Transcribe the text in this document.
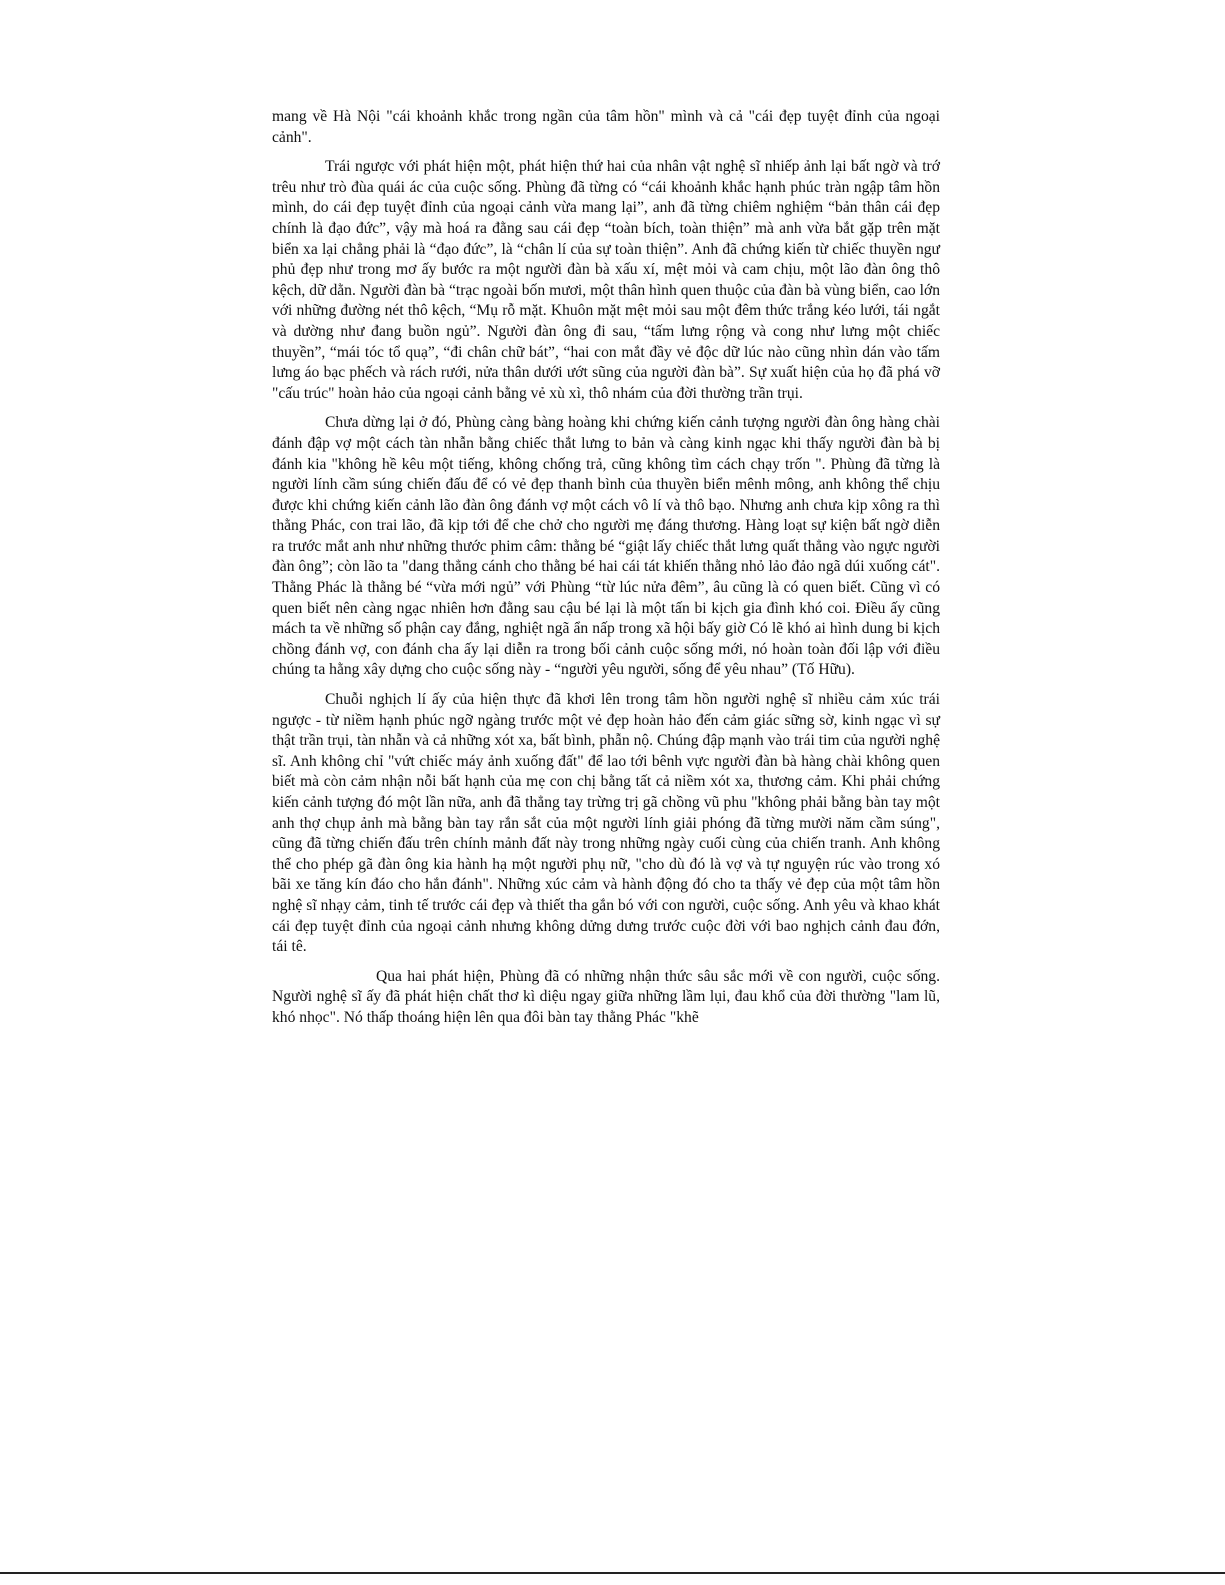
mang về Hà Nội "cái khoảnh khắc trong ngần của tâm hồn" mình và cả "cái đẹp tuyệt đỉnh của ngoại cảnh".

Trái ngược với phát hiện một, phát hiện thứ hai của nhân vật nghệ sĩ nhiếp ảnh lại bất ngờ và trớ trêu như trò đùa quái ác của cuộc sống. Phùng đã từng có “cái khoảnh khắc hạnh phúc tràn ngập tâm hồn mình, do cái đẹp tuyệt đỉnh của ngoại cảnh vừa mang lại”, anh đã từng chiêm nghiệm “bản thân cái đẹp chính là đạo đức”, vậy mà hoá ra đằng sau cái đẹp “toàn bích, toàn thiện” mà anh vừa bắt gặp trên mặt biển xa lại chẳng phải là “đạo đức”, là “chân lí của sự toàn thiện”. Anh đã chứng kiến từ chiếc thuyền ngư phủ đẹp như trong mơ ấy bước ra một người đàn bà xấu xí, mệt mỏi và cam chịu, một lão đàn ông thô kệch, dữ dằn. Người đàn bà “trạc ngoài bốn mươi, một thân hình quen thuộc của đàn bà vùng biển, cao lớn với những đường nét thô kệch, “Mụ rỗ mặt. Khuôn mặt mệt mỏi sau một đêm thức trắng kéo lưới, tái ngắt và dường như đang buồn ngủ”. Người đàn ông đi sau, “tấm lưng rộng và cong như lưng một chiếc thuyền”, “mái tóc tổ quạ”, “đi chân chữ bát”, “hai con mắt đầy vẻ độc dữ lúc nào cũng nhìn dán vào tấm lưng áo bạc phếch và rách rưới, nửa thân dưới ướt sũng của người đàn bà”. Sự xuất hiện của họ đã phá vỡ "cấu trúc" hoàn hảo của ngoại cảnh bằng vẻ xù xì, thô nhám của đời thường trần trụi.

Chưa dừng lại ở đó, Phùng càng bàng hoàng khi chứng kiến cảnh tượng người đàn ông hàng chài đánh đập vợ một cách tàn nhẫn bằng chiếc thắt lưng to bản và càng kinh ngạc khi thấy người đàn bà bị đánh kia "không hề kêu một tiếng, không chống trả, cũng không tìm cách chạy trốn ". Phùng đã từng là người lính cầm súng chiến đấu để có vẻ đẹp thanh bình của thuyền biển mênh mông, anh không thể chịu được khi chứng kiến cảnh lão đàn ông đánh vợ một cách vô lí và thô bạo. Nhưng anh chưa kịp xông ra thì thằng Phác, con trai lão, đã kịp tới để che chở cho người mẹ đáng thương. Hàng loạt sự kiện bất ngờ diễn ra trước mắt anh như những thước phim câm: thằng bé “giật lấy chiếc thắt lưng quất thẳng vào ngực người đàn ông”; còn lão ta "dang thẳng cánh cho thằng bé hai cái tát khiến thằng nhỏ lảo đảo ngã dúi xuống cát". Thằng Phác là thằng bé “vừa mới ngủ” với Phùng “từ lúc nửa đêm”, âu cũng là có quen biết. Cũng vì có quen biết nên càng ngạc nhiên hơn đằng sau cậu bé lại là một tấn bi kịch gia đình khó coi. Điều ấy cũng mách ta về những số phận cay đắng, nghiệt ngã ẩn nấp trong xã hội bấy giờ Có lẽ khó ai hình dung bi kịch chồng đánh vợ, con đánh cha ấy lại diễn ra trong bối cảnh cuộc sống mới, nó hoàn toàn đối lập với điều chúng ta hằng xây dựng cho cuộc sống này - “người yêu người, sống để yêu nhau” (Tố Hữu).

Chuỗi nghịch lí ấy của hiện thực đã khơi lên trong tâm hồn người nghệ sĩ nhiều cảm xúc trái ngược - từ niềm hạnh phúc ngỡ ngàng trước một vẻ đẹp hoàn hảo đến cảm giác sững sờ, kinh ngạc vì sự thật trần trụi, tàn nhẫn và cả những xót xa, bất bình, phẫn nộ. Chúng đập mạnh vào trái tim của người nghệ sĩ. Anh không chỉ "vứt chiếc máy ảnh xuống đất" để lao tới bênh vực người đàn bà hàng chài không quen biết mà còn cảm nhận nỗi bất hạnh của mẹ con chị bằng tất cả niềm xót xa, thương cảm. Khi phải chứng kiến cảnh tượng đó một lần nữa, anh đã thẳng tay trừng trị gã chồng vũ phu "không phải bằng bàn tay một anh thợ chụp ảnh mà bằng bàn tay rắn sắt của một người lính giải phóng đã từng mười năm cầm súng", cũng đã từng chiến đấu trên chính mảnh đất này trong những ngày cuối cùng của chiến tranh. Anh không thể cho phép gã đàn ông kia hành hạ một người phụ nữ, "cho dù đó là vợ và tự nguyện rúc vào trong xó bãi xe tăng kín đáo cho hắn đánh". Những xúc cảm và hành động đó cho ta thấy vẻ đẹp của một tâm hồn nghệ sĩ nhạy cảm, tinh tế trước cái đẹp và thiết tha gắn bó với con người, cuộc sống. Anh yêu và khao khát cái đẹp tuyệt đỉnh của ngoại cảnh nhưng không dửng dưng trước cuộc đời với bao nghịch cảnh đau đớn, tái tê.

Qua hai phát hiện, Phùng đã có những nhận thức sâu sắc mới về con người, cuộc sống. Người nghệ sĩ ấy đã phát hiện chất thơ kì diệu ngay giữa những lầm lụi, đau khổ của đời thường "lam lũ, khó nhọc". Nó thấp thoáng hiện lên qua đôi bàn tay thằng Phác "khẽ
